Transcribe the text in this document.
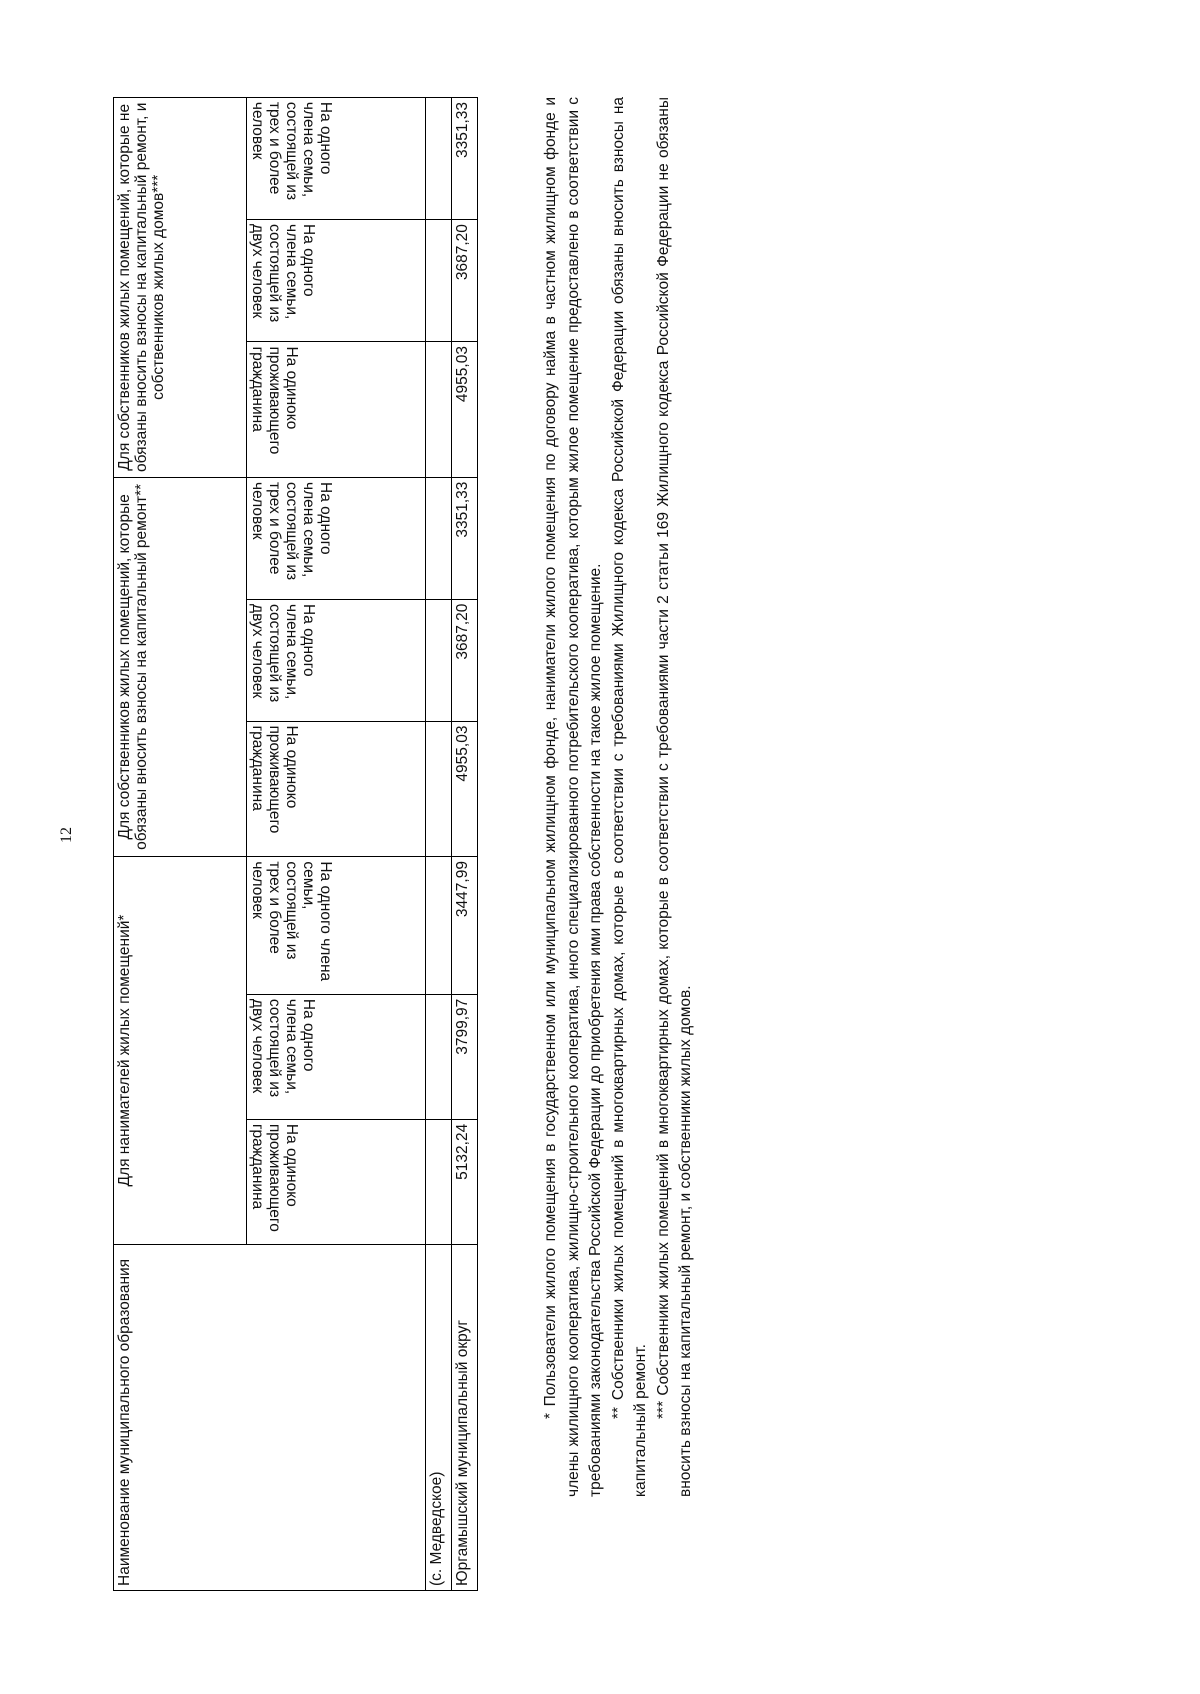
12
Наименование муниципального образования	Для нанимателей жилых помещений*			Для собственников жилых помещений, которые обязаны вносить взносы на капитальный ремонт**			Для собственников жилых помещений, которые не обязаны вносить взносы на капитальный ремонт, и собственников жилых домов***		

	На одиноко проживающего гражданина	На одного члена семьи, состоящей из двух человек	На одного члена семьи, состоящей из трех и более человек	На одиноко проживающего гражданина	На одного члена семьи, состоящей из двух человек	На одного члена семьи, состоящей из трех и более человек	На одиноко проживающего гражданина	На одного члена семьи, состоящей из двух человек	На одного члена семьи, состоящей из трех и более человек

(с. Медведское)									
Юргамышский муниципальный округ	5132,24	3799,97	3447,99	4955,03	3687,20	3351,33	4955,03	3687,20	3351,33	* Пользователи жилого помещения в государственном или муниципальном жилищном фонде, наниматели жилого помещения по договору найма в частном жилищном фонде и члены жилищного кооператива, жилищно-строительного кооператива, иного специализированного потребительского кооператива, которым жилое помещение предоставлено в соответствии с требованиями законодательства Российской Федерации до приобретения ими права собственности на такое жилое помещение. ** Собственники жилых помещений в многоквартирных домах, которые в соответствии с требованиями Жилищного кодекса Российской Федерации обязаны вносить взносы на капитальный ремонт.

*** Собственники жилых помещений в многоквартирных домах, которые в соответствии с требованиями части 2 статьи 169 Жилищного кодекса Российской Федерации не обязаны вносить взносы на капитальный ремонт, и собственники жилых домов.
